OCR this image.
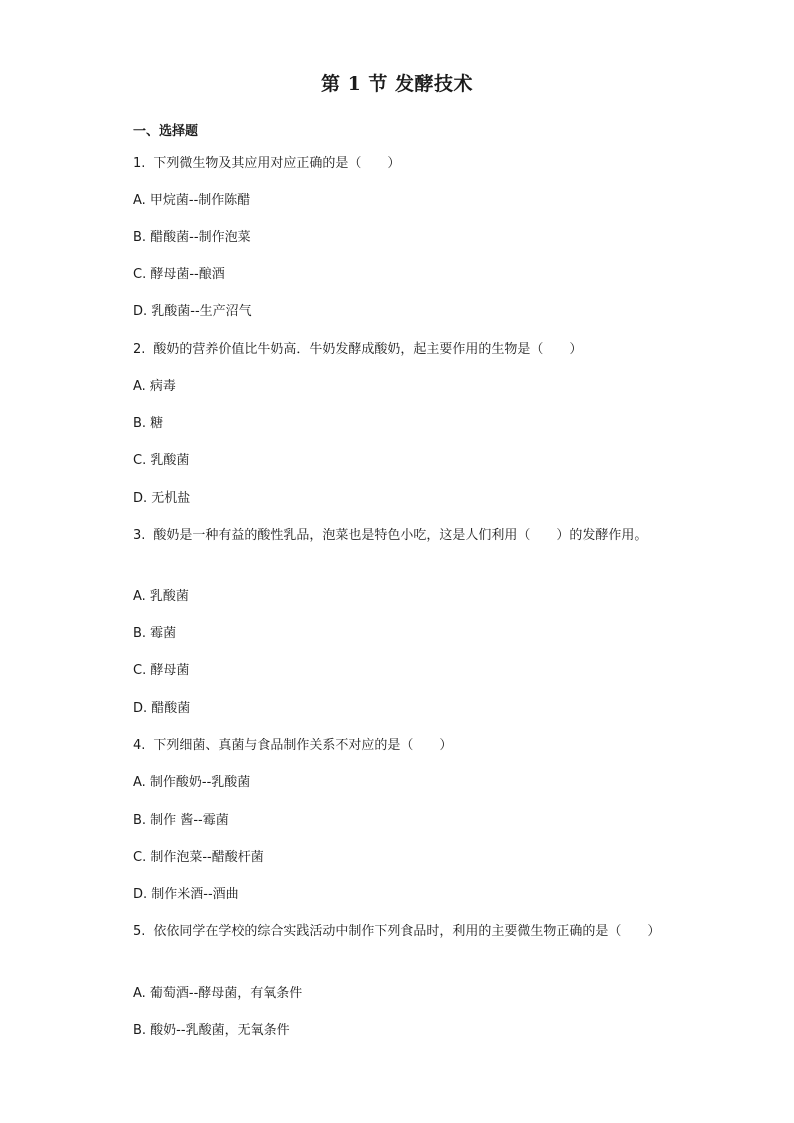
第 1 节 发酵技术
一、选择题
1. 下列微生物及其应用对应正确的是（　　）
A. 甲烷菌--制作陈醋
B. 醋酸菌--制作泡菜
C. 酵母菌--酿酒
D. 乳酸菌--生产沼气
2. 酸奶的营养价值比牛奶高．牛奶发酵成酸奶，起主要作用的生物是（　　）
A. 病毒
B. 糖
C. 乳酸菌
D. 无机盐
3. 酸奶是一种有益的酸性乳品，泡菜也是特色小吃，这是人们利用（　　）的发酵作用。
A. 乳酸菌
B. 霉菌
C. 酵母菌
D. 醋酸菌
4. 下列细菌、真菌与食品制作关系不对应的是（　　）
A. 制作酸奶--乳酸菌
B. 制作 酱--霉菌
C. 制作泡菜--醋酸杆菌
D. 制作米酒--酒曲
5. 依依同学在学校的综合实践活动中制作下列食品时，利用的主要微生物正确的是（　　）
A. 葡萄酒--酵母菌，有氧条件
B. 酸奶--乳酸菌，无氧条件
